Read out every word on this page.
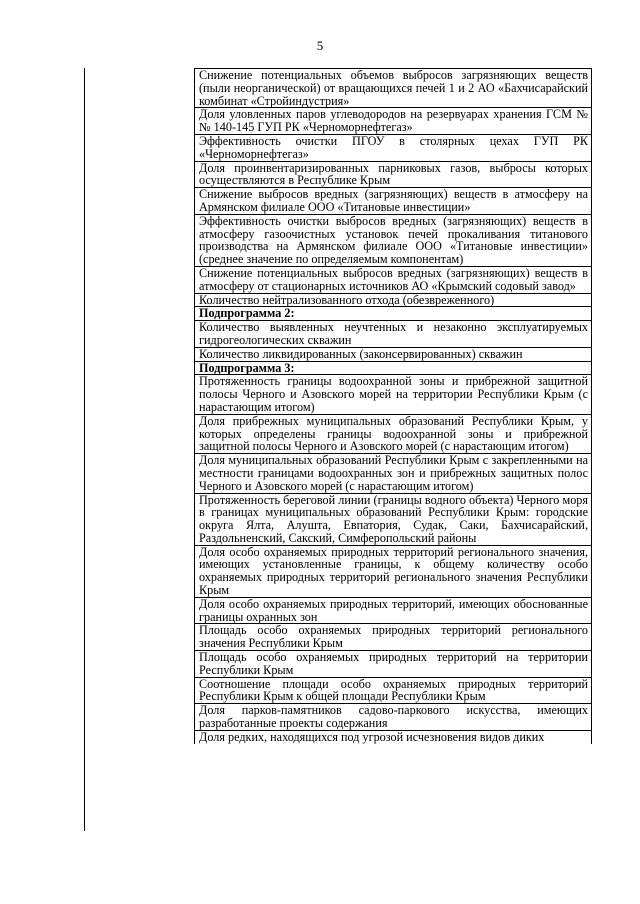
5
Снижение потенциальных объемов выбросов загрязняющих веществ (пыли неорганической) от вращающихся печей 1 и 2 АО «Бахчисарайский комбинат «Стройиндустрия»
Доля уловленных паров углеводородов на резервуарах хранения ГСМ №№ 140-145 ГУП РК «Черноморнефтегаз»
Эффективность очистки ПГОУ в столярных цехах ГУП РК «Черноморнефтегаз»
Доля проинвентаризированных парниковых газов, выбросы которых осуществляются в Республике Крым
Снижение выбросов вредных (загрязняющих) веществ в атмосферу на Армянском филиале ООО «Титановые инвестиции»
Эффективность очистки выбросов вредных (загрязняющих) веществ в атмосферу газоочистных установок печей прокаливания титанового производства на Армянском филиале ООО «Титановые инвестиции» (среднее значение по определяемым компонентам)
Снижение потенциальных выбросов вредных (загрязняющих) веществ в атмосферу от стационарных источников АО «Крымский содовый завод»
Количество нейтрализованного отхода (обезвреженного)
Подпрограмма 2:
Количество выявленных неучтенных и незаконно эксплуатируемых гидрогеологических скважин
Количество ликвидированных (законсервированных) скважин
Подпрограмма 3:
Протяженность границы водоохранной зоны и прибрежной защитной полосы Черного и Азовского морей на территории Республики Крым (с нарастающим итогом)
Доля прибрежных муниципальных образований Республики Крым, у которых определены границы водоохранной зоны и прибрежной защитной полосы Черного и Азовского морей (с нарастающим итогом)
Доля муниципальных образований Республики Крым с закрепленными на местности границами водоохранных зон и прибрежных защитных полос Черного и Азовского морей (с нарастающим итогом)
Протяженность береговой линии (границы водного объекта) Черного моря в границах муниципальных образований Республики Крым: городские округа Ялта, Алушта, Евпатория, Судак, Саки, Бахчисарайский, Раздольненский, Сакский, Симферопольский районы
Доля особо охраняемых природных территорий регионального значения, имеющих установленные границы, к общему количеству особо охраняемых природных территорий регионального значения Республики Крым
Доля особо охраняемых природных территорий, имеющих обоснованные границы охранных зон
Площадь особо охраняемых природных территорий регионального значения Республики Крым
Площадь особо охраняемых природных территорий на территории Республики Крым
Соотношение площади особо охраняемых природных территорий Республики Крым к общей площади Республики Крым
Доля парков-памятников садово-паркового искусства, имеющих разработанные проекты содержания
Доля редких, находящихся под угрозой исчезновения видов диких
